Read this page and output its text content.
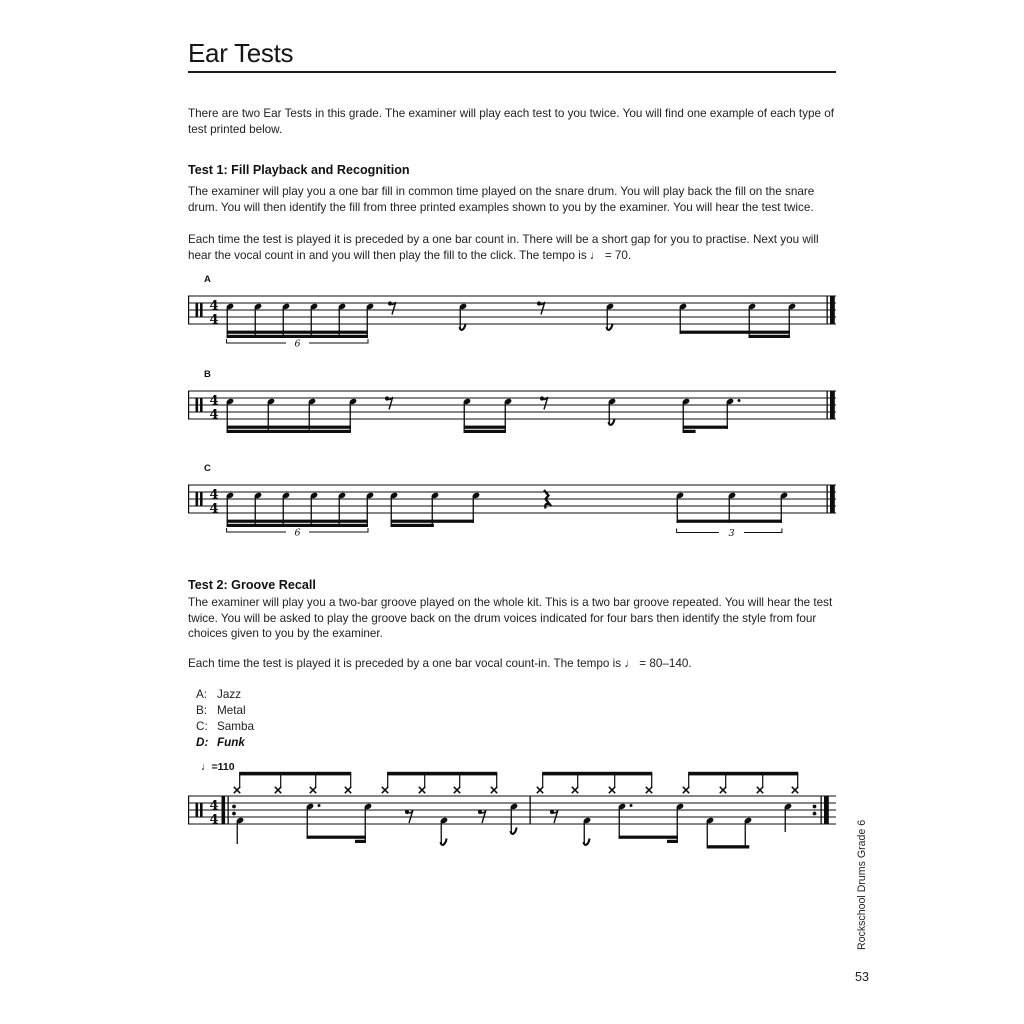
Ear Tests
There are two Ear Tests in this grade. The examiner will play each test to you twice. You will find one example of each type of test printed below.
Test 1: Fill Playback and Recognition
The examiner will play you a one bar fill in common time played on the snare drum. You will play back the fill on the snare drum. You will then identify the fill from three printed examples shown to you by the examiner. You will hear the test twice.
Each time the test is played it is preceded by a one bar count in. There will be a short gap for you to practise. Next you will hear the vocal count in and you will then play the fill to the click. The tempo is ♩ = 70.
A
4
4
6
B
4
4
C
4
4
6	3
Test 2: Groove Recall
The examiner will play you a two-bar groove played on the whole kit. This is a two bar groove repeated. You will hear the test twice. You will be asked to play the groove back on the drum voices indicated for four bars then identify the style from four choices given to you by the examiner.
Each time the test is played it is preceded by a one bar vocal count-in. The tempo is ♩ = 80–140.
A: Jazz
B: Metal
C: Samba
D: Funk
♩=110
4
4	Rockschool Drums Grade 6
53
